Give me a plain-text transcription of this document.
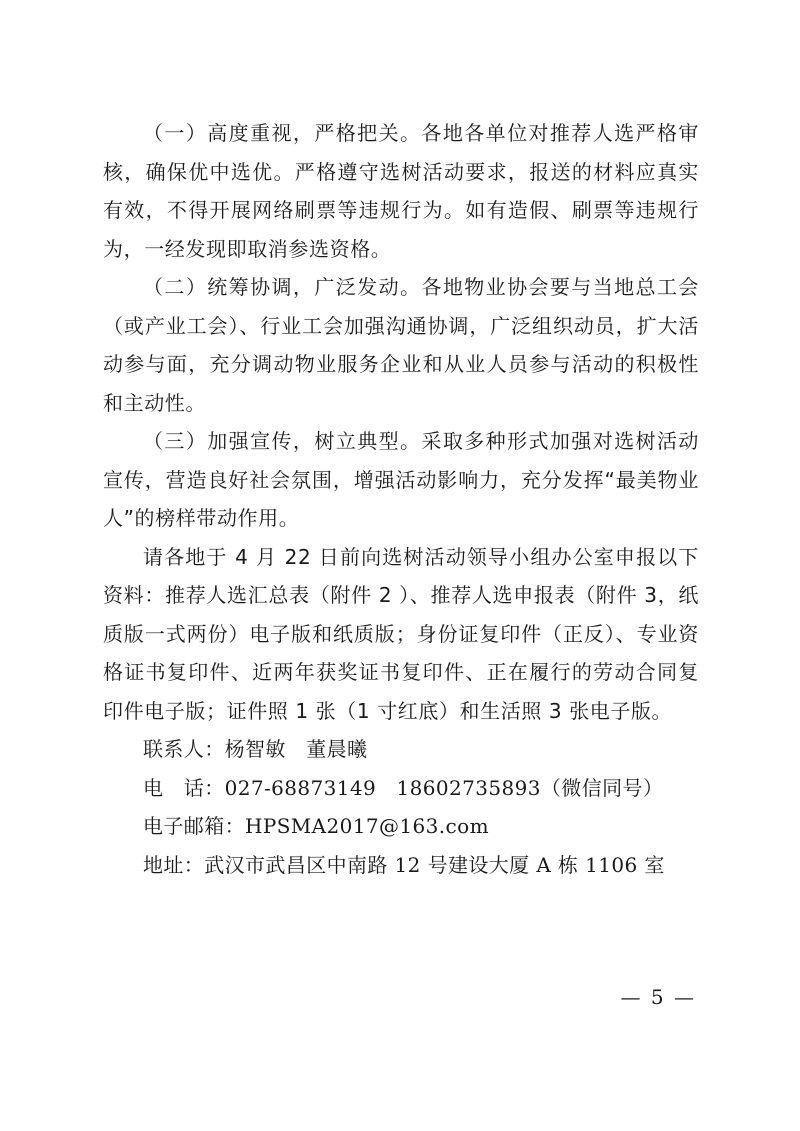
（一）高度重视，严格把关。各地各单位对推荐人选严格审核，确保优中选优。严格遵守选树活动要求，报送的材料应真实有效，不得开展网络刷票等违规行为。如有造假、刷票等违规行为，一经发现即取消参选资格。

（二）统筹协调，广泛发动。各地物业协会要与当地总工会（或产业工会）、行业工会加强沟通协调，广泛组织动员，扩大活动参与面，充分调动物业服务企业和从业人员参与活动的积极性和主动性。

（三）加强宣传，树立典型。采取多种形式加强对选树活动宣传，营造良好社会氛围，增强活动影响力，充分发挥“最美物业人”的榜样带动作用。

请各地于 4 月 22 日前向选树活动领导小组办公室申报以下资料：推荐人选汇总表（附件 2 ）、推荐人选申报表（附件 3，纸质版一式两份）电子版和纸质版；身份证复印件（正反）、专业资格证书复印件、近两年获奖证书复印件、正在履行的劳动合同复印件电子版；证件照 1 张（1 寸红底）和生活照 3 张电子版。

联系人：杨智敏　董晨曦

电　话：027-68873149　18602735893（微信同号）

电子邮箱：HPSMA2017@163.com

地址：武汉市武昌区中南路 12 号建设大厦 A 栋 1106 室

— 5 —
